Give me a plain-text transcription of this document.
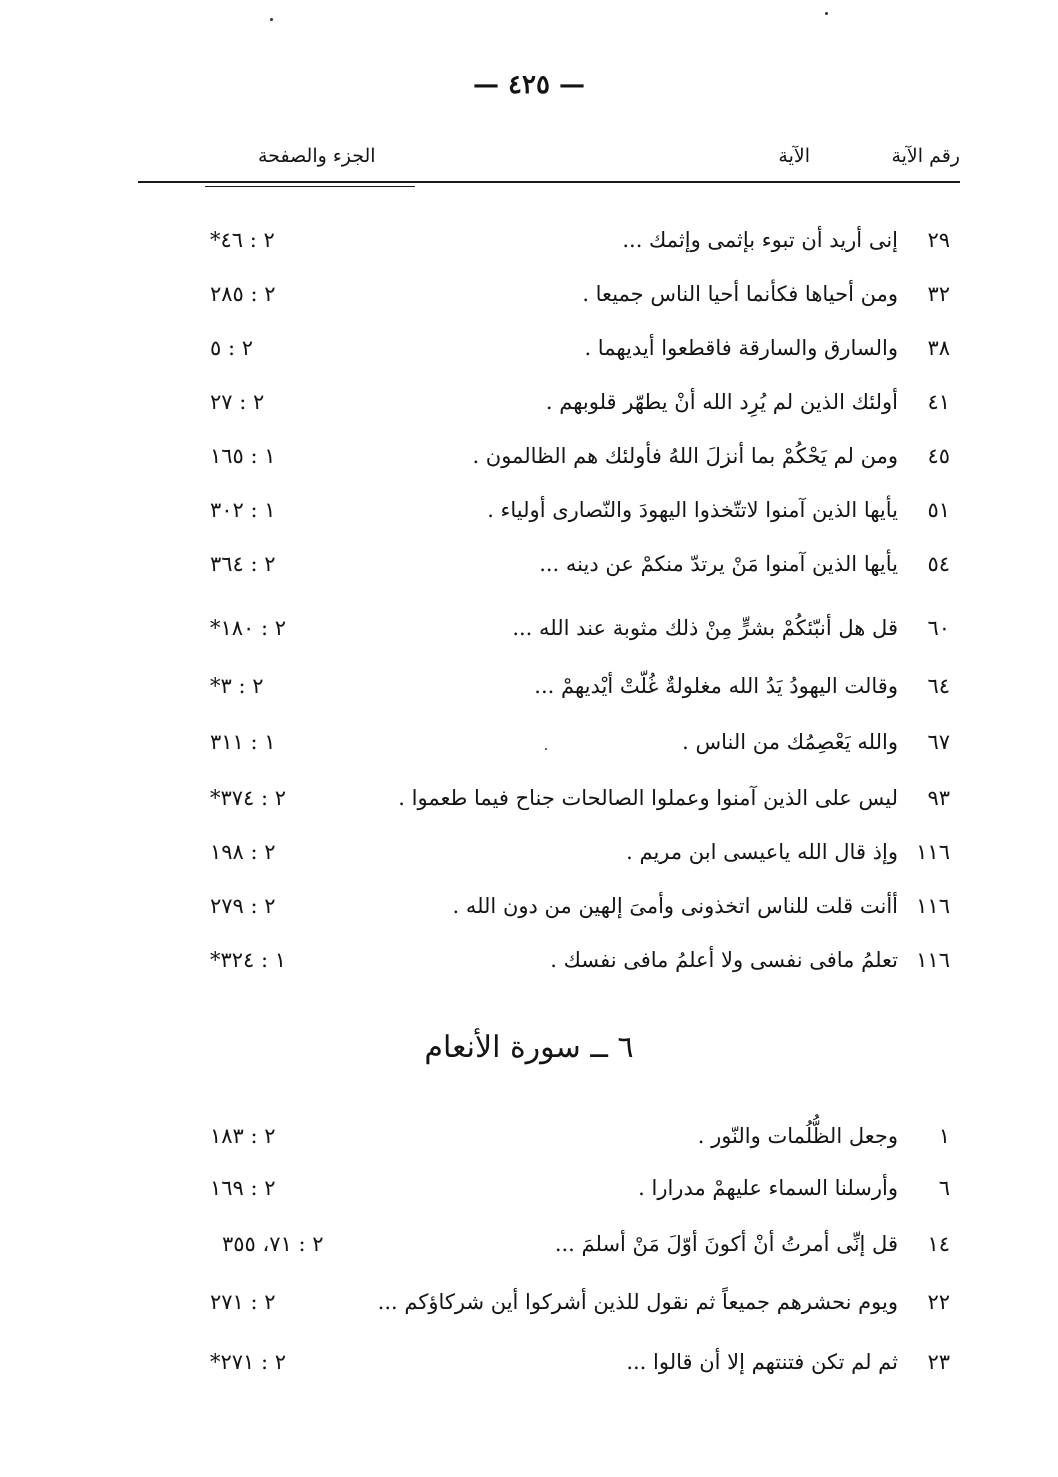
— ٤٢٥ —
رقم الآية
الآية
الجزء والصفحة
٢٩
إنى أريد أن تبوء بإثمى وإثمك ...
٢ : ٤٦*
٣٢
ومن أحياها فكأنما أحيا الناس جميعا .
٢ : ٢٨٥
٣٨
والسارق والسارقة فاقطعوا أيديهما .
٢ : ٥
٤١
أولئك الذين لم يُرِد الله أنْ يطهّر قلوبهم .
٢ : ٢٧
٤٥
ومن لم يَحْكُمْ بما أنزلَ اللهُ فأولئك هم الظالمون .
١ : ١٦٥
٥١
يأيها الذين آمنوا لاتتّخذوا اليهودَ والنّصارى أولياء .
١ : ٣٠٢
٥٤
يأيها الذين آمنوا مَنْ يرتدّ منكمْ عن دينه ...
٢ : ٣٦٤
٦٠
قل هل أنبّئكُمْ بشرٍّ مِنْ ذلك مثوبة عند الله ...
٢ : ١٨٠*
٦٤
وقالت اليهودُ يَدُ الله مغلولةٌ غُلّتْ أيْديهمْ ...
٢ : ٣*
٦٧
والله يَعْصِمُك من الناس .
١ : ٣١١
٩٣
ليس على الذين آمنوا وعملوا الصالحات جناح فيما طعموا .
٢ : ٣٧٤*
١١٦
وإذ قال الله ياعيسى ابن مريم .
٢ : ١٩٨
١١٦
أأنت قلت للناس اتخذونى وأمىَ إلهين من دون الله .
٢ : ٢٧٩
١١٦
تعلمُ مافى نفسى ولا أعلمُ مافى نفسك .
١ : ٣٢٤*
٦ ــ سورة الأنعام
١
وجعل الظُّلُمات والنّور .
٢ : ١٨٣
٦
وأرسلنا السماء عليهمْ مدرارا .
٢ : ١٦٩
١٤
قل إنِّى أمرتُ أنْ أكونَ أوّلَ مَنْ أسلمَ ...
٢ : ٧١، ٣٥٥
٢٢
ويوم نحشرهم جميعاً ثم نقول للذين أشركوا أين شركاؤكم ...
٢ : ٢٧١
٢٣
ثم لم تكن فتنتهم إلا أن قالوا ...
٢ : ٢٧١*
